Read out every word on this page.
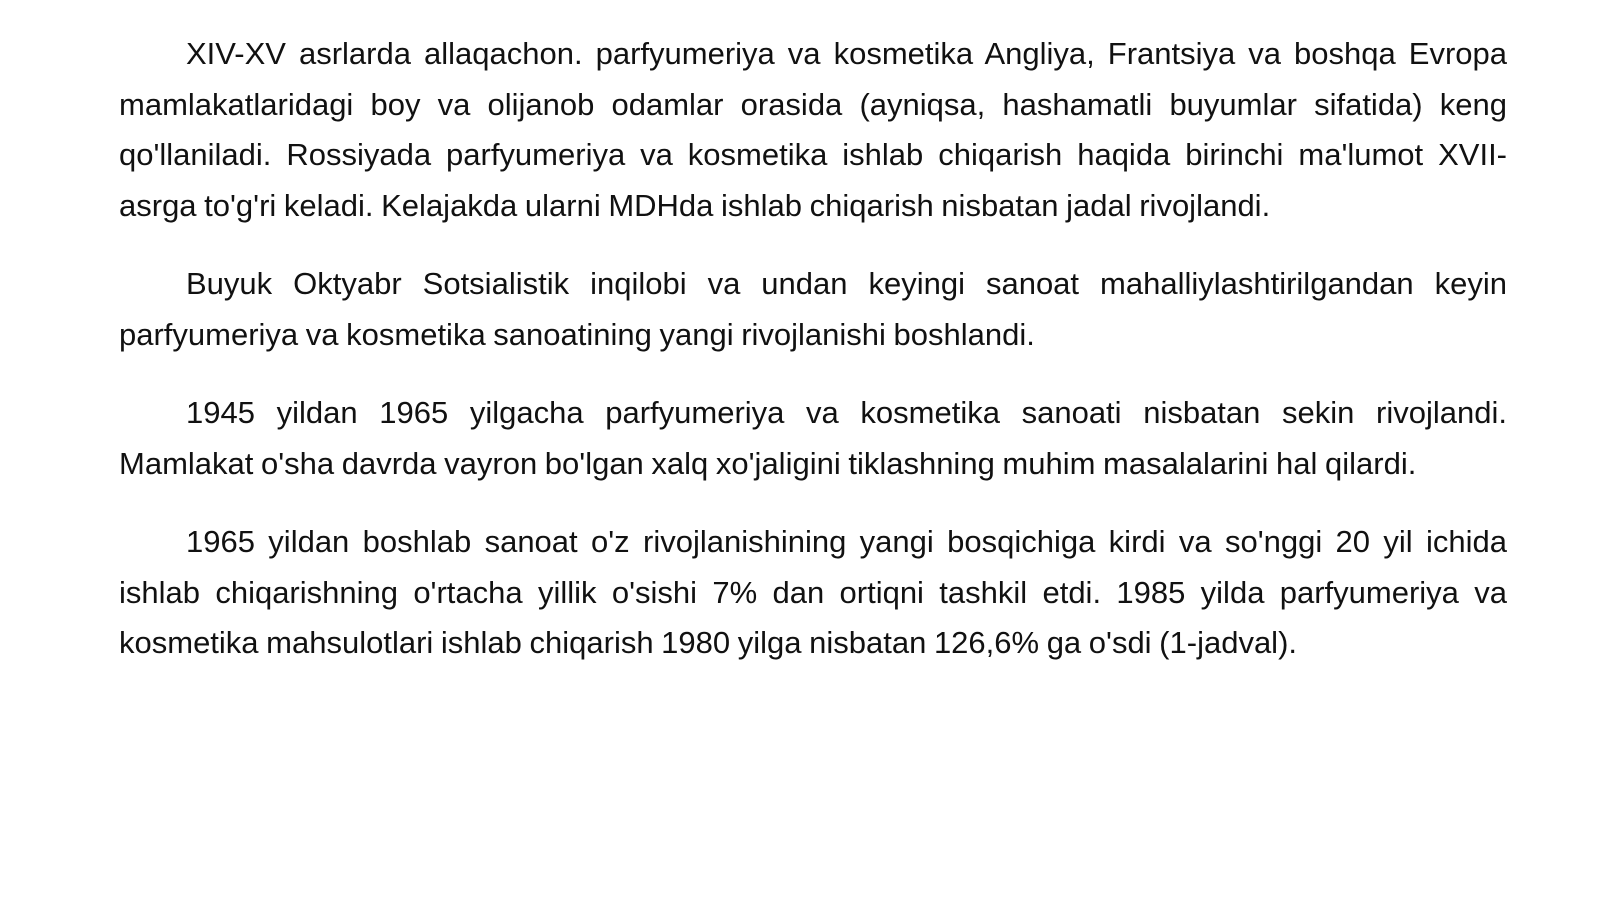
XIV-XV asrlarda allaqachon. parfyumeriya va kosmetika Angliya, Frantsiya va boshqa Evropa mamlakatlaridagi boy va olijanob odamlar orasida (ayniqsa, hashamatli buyumlar sifatida) keng qo'llaniladi. Rossiyada parfyumeriya va kosmetika ishlab chiqarish haqida birinchi ma'lumot XVII-asrga to'g'ri keladi. Kelajakda ularni MDHda ishlab chiqarish nisbatan jadal rivojlandi.

Buyuk Oktyabr Sotsialistik inqilobi va undan keyingi sanoat mahalliylashtirilgandan keyin parfyumeriya va kosmetika sanoatining yangi rivojlanishi boshlandi.

1945 yildan 1965 yilgacha parfyumeriya va kosmetika sanoati nisbatan sekin rivojlandi. Mamlakat o'sha davrda vayron bo'lgan xalq xo'jaligini tiklashning muhim masalalarini hal qilardi.

1965 yildan boshlab sanoat o'z rivojlanishining yangi bosqichiga kirdi va so'nggi 20 yil ichida ishlab chiqarishning o'rtacha yillik o'sishi 7% dan ortiqni tashkil etdi. 1985 yilda parfyumeriya va kosmetika mahsulotlari ishlab chiqarish 1980 yilga nisbatan 126,6% ga o'sdi (1-jadval).
